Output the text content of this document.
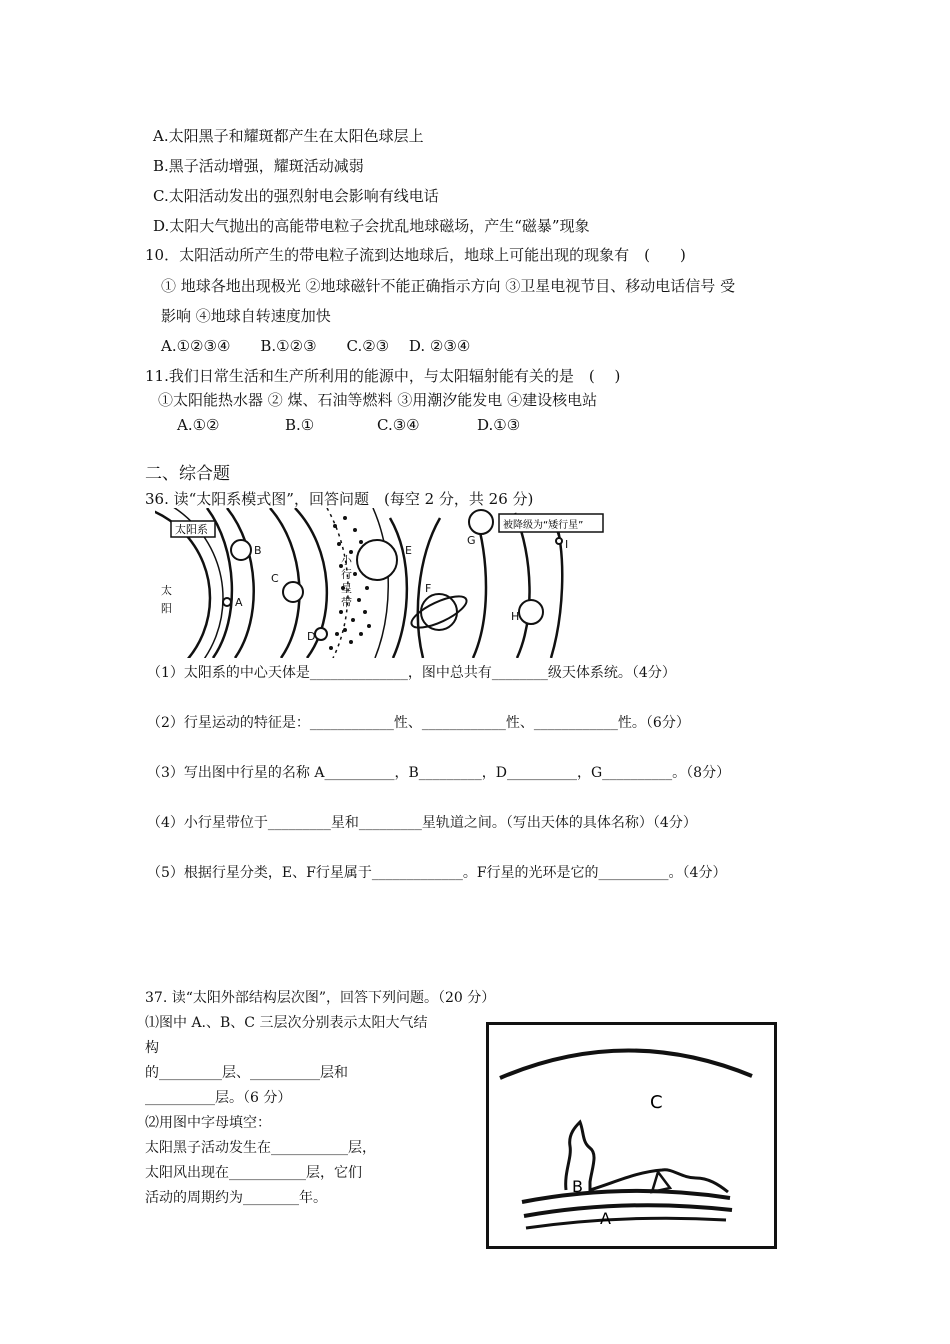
A.太阳黑子和耀斑都产生在太阳色球层上
B.黑子活动增强，耀斑活动减弱
C.太阳活动发出的强烈射电会影响有线电话
D.太阳大气抛出的高能带电粒子会扰乱地球磁场，产生“磁暴”现象
10．太阳活动所产生的带电粒子流到达地球后，地球上可能出现的现象有　(　　)
① 地球各地出现极光 ②地球磁针不能正确指示方向 ③卫星电视节目、移动电话信号 受
影响 ④地球自转速度加快
A.①②③④　　B.①②③　　C.②③　 D. ②③④
11.我们日常生活和生产所利用的能源中，与太阳辐射能有关的是　(　 )
①太阳能热水器 ② 煤、石油等燃料 ③用潮汐能发电 ④建设核电站
A.①②	B.①	C.③④	D.①③
二、综合题
36. 读“太阳系模式图”，回答问题　(每空 2 分，共 26 分)
太阳系	被降级为“矮行星”
太
阳
小
行
星
带
A
B
C
D
E
F
G
H
I
（1）太阳系的中心天体是______________，图中总共有________级天体系统。（4分）
（2）行星运动的特征是：____________性、____________性、____________性。（6分）
（3）写出图中行星的名称 A__________，B_________，D__________，G__________。（8分）
（4）小行星带位于_________星和_________星轨道之间。（写出天体的具体名称）（4分）
（5）根据行星分类，E、F行星属于_____________。F行星的光环是它的__________。（4分）
37. 读“太阳外部结构层次图”，回答下列问题。（20 分）
⑴图中 A.、B、C 三层次分别表示太阳大气结
构
的_________层、__________层和
__________层。（6 分）
⑵用图中字母填空：
太阳黑子活动发生在___________层，
太阳风出现在___________层，它们
活动的周期约为________年。
C
B
A
